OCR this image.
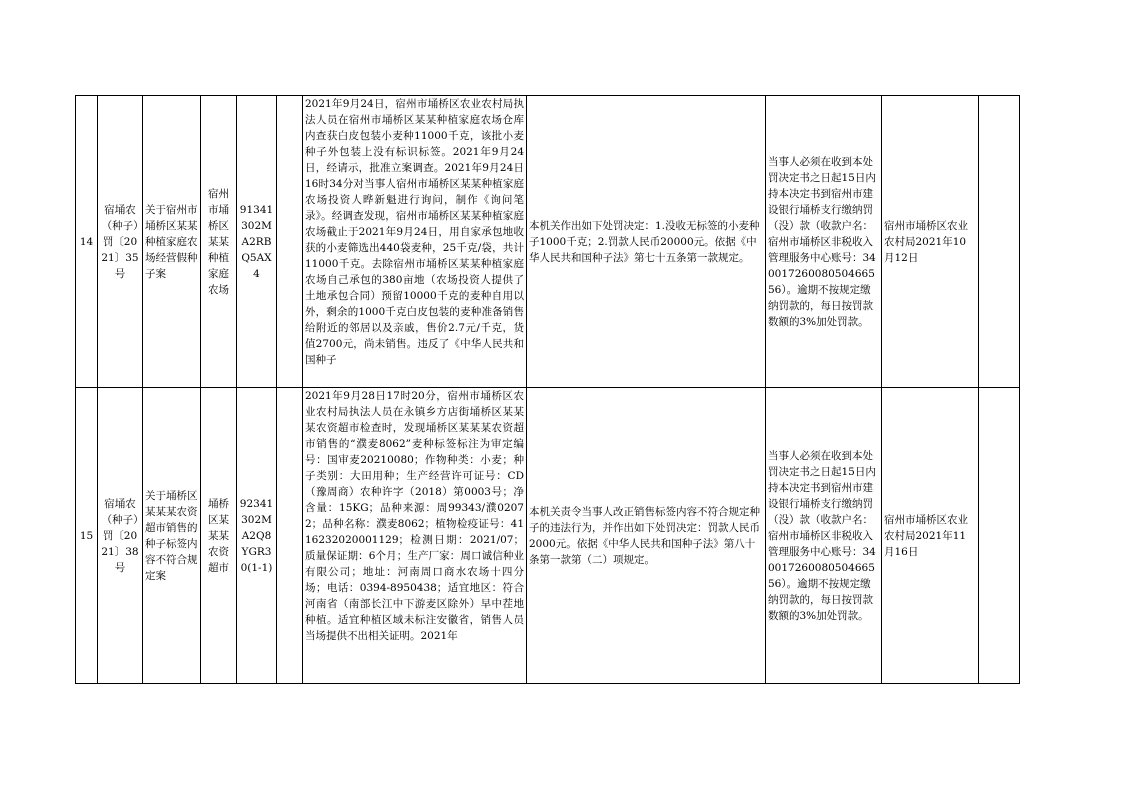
14	宿埇农（种子）罚〔2021〕35号	关于宿州市埇桥区某某种植家庭农场经营假种子案	宿州市埇桥区某某种植家庭农场	91341302MA2RBQ5AX4		2021年9月24日，宿州市埇桥区农业农村局执法人员在宿州市埇桥区某某种植家庭农场仓库内查获白皮包装小麦种11000千克，该批小麦种子外包装上没有标识标签。2021年9月24日，经请示，批准立案调查。2021年9月24日16时34分对当事人宿州市埇桥区某某种植家庭农场投资人晔新魁进行询问，制作《询问笔录》。经调查发现，宿州市埇桥区某某种植家庭农场截止于2021年9月24日，用自家承包地收获的小麦筛选出440袋麦种，25千克/袋，共计11000千克。去除宿州市埇桥区某某种植家庭农场自己承包的380亩地（农场投资人提供了土地承包合同）预留10000千克的麦种自用以外，剩余的1000千克白皮包装的麦种准备销售给附近的邻居以及亲戚，售价2.7元/千克，货值2700元，尚未销售。违反了《中华人民共和国种子	本机关作出如下处罚决定：1.没收无标签的小麦种子1000千克；2.罚款人民币20000元。依据《中华人民共和国种子法》第七十五条第一款规定。	当事人必须在收到本处罚决定书之日起15日内持本决定书到宿州市建设银行埇桥支行缴纳罚（没）款（收款户名：宿州市埇桥区非税收入管理服务中心账号：34001726008050466556）。逾期不按规定缴纳罚款的，每日按罚款数额的3%加处罚款。	宿州市埇桥区农业农村局2021年10月12日	
15	宿埇农（种子）罚〔2021〕38号	关于埇桥区某某某农资超市销售的种子标签内容不符合规定案	埇桥区某某某农资超市	92341302MA2Q8YGR30(1-1)		2021年9月28日17时20分，宿州市埇桥区农业农村局执法人员在永镇乡方店街埇桥区某某某农资超市检查时，发现埇桥区某某某农资超市销售的“濮麦8062”麦种标签标注为审定编号：国审麦20210080；作物种类：小麦；种子类别：大田用种；生产经营许可证号：CD（豫周商）农种许字（2018）第0003号；净含量：15KG；品种来源：周99343/濮02072；品种名称：濮麦8062；植物检疫证号：4116232020001129；检测日期：2021/07；质量保证期：6个月；生产厂家：周口诚信种业有限公司；地址：河南周口商水农场十四分场；电话：0394-8950438；适宜地区：符合河南省（南部长江中下游麦区除外）早中茬地种植。适宜种植区域未标注安徽省，销售人员当场提供不出相关证明。2021年	本机关责令当事人改正销售标签内容不符合规定种子的违法行为，并作出如下处罚决定：罚款人民币2000元。依据《中华人民共和国种子法》第八十条第一款第（二）项规定。	当事人必须在收到本处罚决定书之日起15日内持本决定书到宿州市建设银行埇桥支行缴纳罚（没）款（收款户名：宿州市埇桥区非税收入管理服务中心账号：34001726008050466556）。逾期不按规定缴纳罚款的，每日按罚款数额的3%加处罚款。	宿州市埇桥区农业农村局2021年11月16日	
